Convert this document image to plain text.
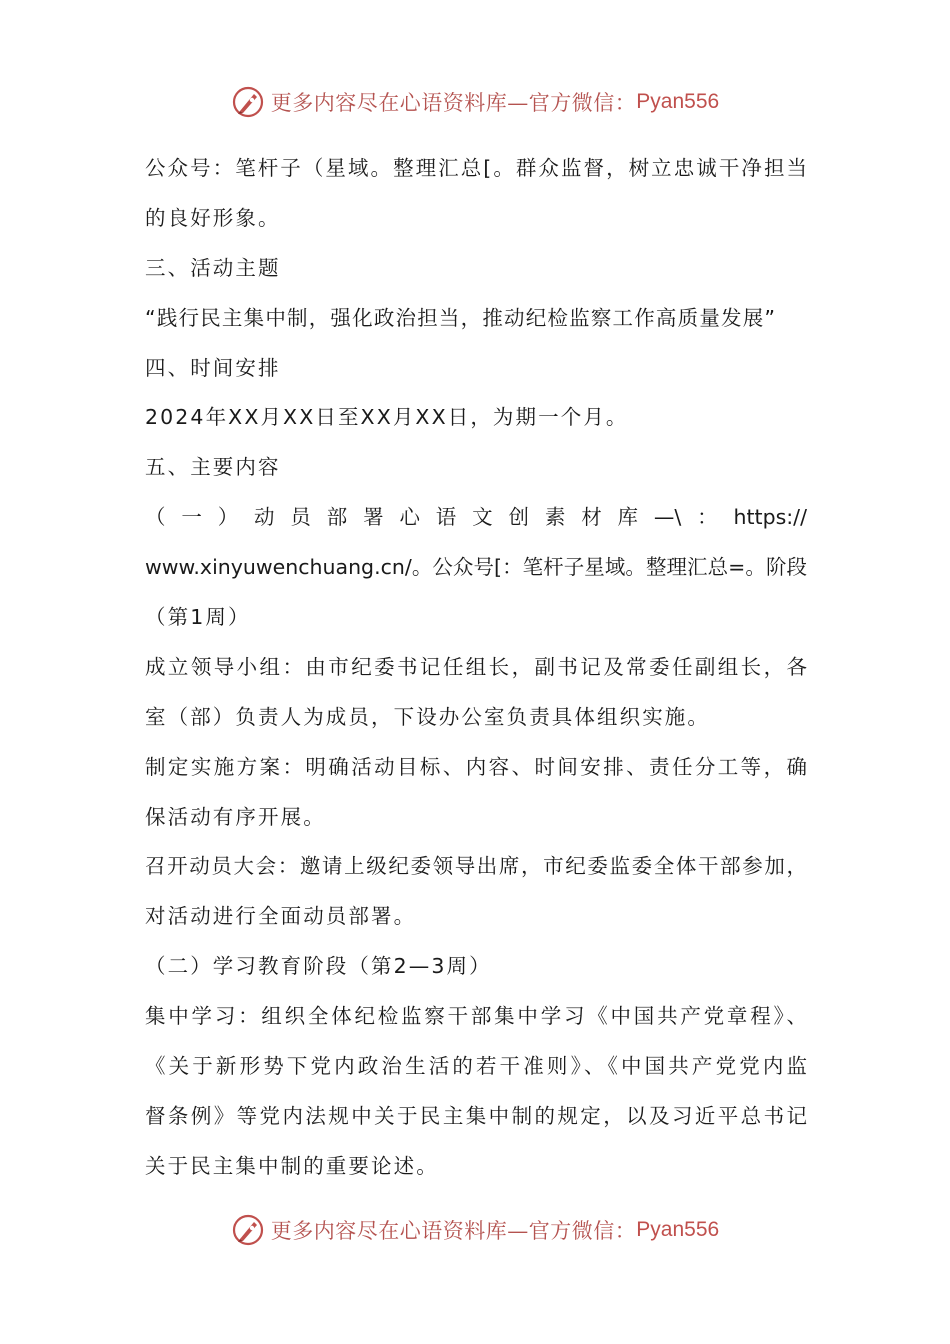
更多内容尽在心语资料库—官方微信： Pyan556
公众号：笔杆子（星域。整理汇总[。群众监督，树立忠诚干净担当
的良好形象。
三、活动主题
“践行民主集中制，强化政治担当，推动纪检监察工作高质量发展”
四、时间安排
2024年XX月XX日至XX月XX日，为期一个月。
五、主要内容
（一）动员部署心语文创素材库—\：https://
www.xinyuwenchuang.cn/。公众号[：笔杆子星域。整理汇总=。阶段
（第1周）
成立领导小组：由市纪委书记任组长，副书记及常委任副组长，各
室（部）负责人为成员，下设办公室负责具体组织实施。
制定实施方案：明确活动目标、内容、时间安排、责任分工等，确
保活动有序开展。
召开动员大会：邀请上级纪委领导出席，市纪委监委全体干部参加，
对活动进行全面动员部署。
（二）学习教育阶段（第2—3周）
集中学习：组织全体纪检监察干部集中学习《中国共产党章程》、
《关于新形势下党内政治生活的若干准则》、《中国共产党党内监
督条例》等党内法规中关于民主集中制的规定，以及习近平总书记
关于民主集中制的重要论述。
更多内容尽在心语资料库—官方微信： Pyan556
